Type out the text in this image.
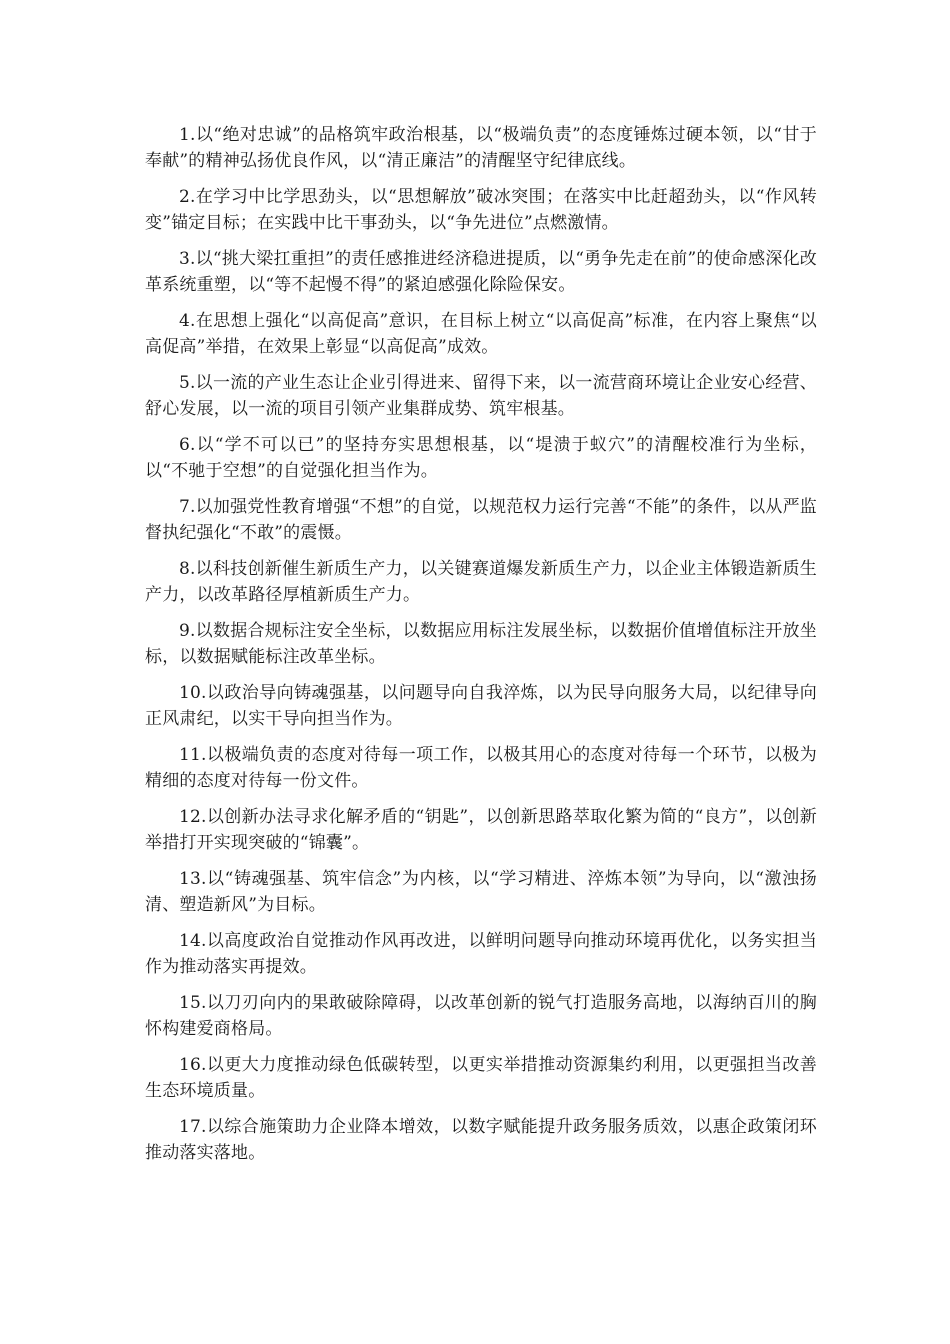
1.以“绝对忠诚”的品格筑牢政治根基，以“极端负责”的态度锤炼过硬本领，以“甘于奉献”的精神弘扬优良作风，以“清正廉洁”的清醒坚守纪律底线。

2.在学习中比学思劲头，以“思想解放”破冰突围；在落实中比赶超劲头，以“作风转变”锚定目标；在实践中比干事劲头，以“争先进位”点燃激情。

3.以“挑大梁扛重担”的责任感推进经济稳进提质，以“勇争先走在前”的使命感深化改革系统重塑，以“等不起慢不得”的紧迫感强化除险保安。

4.在思想上强化“以高促高”意识，在目标上树立“以高促高”标准，在内容上聚焦“以高促高”举措，在效果上彰显“以高促高”成效。

5.以一流的产业生态让企业引得进来、留得下来，以一流营商环境让企业安心经营、舒心发展，以一流的项目引领产业集群成势、筑牢根基。

6.以“学不可以已”的坚持夯实思想根基，以“堤溃于蚁穴”的清醒校准行为坐标，以“不驰于空想”的自觉强化担当作为。

7.以加强党性教育增强“不想”的自觉，以规范权力运行完善“不能”的条件，以从严监督执纪强化“不敢”的震慑。

8.以科技创新催生新质生产力，以关键赛道爆发新质生产力，以企业主体锻造新质生产力，以改革路径厚植新质生产力。

9.以数据合规标注安全坐标，以数据应用标注发展坐标，以数据价值增值标注开放坐标，以数据赋能标注改革坐标。

10.以政治导向铸魂强基，以问题导向自我淬炼，以为民导向服务大局，以纪律导向正风肃纪，以实干导向担当作为。

11.以极端负责的态度对待每一项工作，以极其用心的态度对待每一个环节，以极为精细的态度对待每一份文件。

12.以创新办法寻求化解矛盾的“钥匙”，以创新思路萃取化繁为简的“良方”，以创新举措打开实现突破的“锦囊”。

13.以“铸魂强基、筑牢信念”为内核，以“学习精进、淬炼本领”为导向，以“激浊扬清、塑造新风”为目标。

14.以高度政治自觉推动作风再改进，以鲜明问题导向推动环境再优化，以务实担当作为推动落实再提效。

15.以刀刃向内的果敢破除障碍，以改革创新的锐气打造服务高地，以海纳百川的胸怀构建爱商格局。

16.以更大力度推动绿色低碳转型，以更实举措推动资源集约利用，以更强担当改善生态环境质量。

17.以综合施策助力企业降本增效，以数字赋能提升政务服务质效，以惠企政策闭环推动落实落地。
